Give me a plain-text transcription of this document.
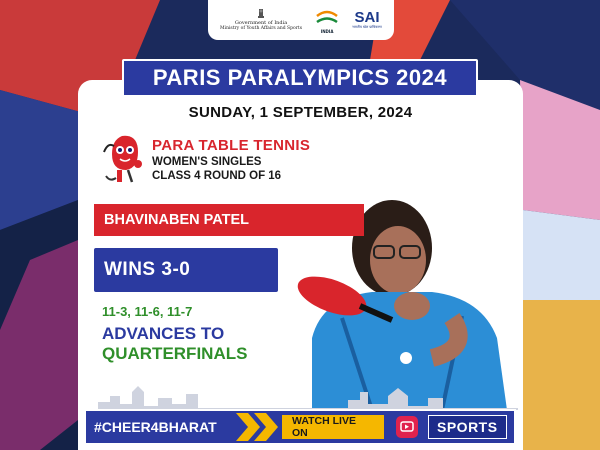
Government of India
Ministry of Youth Affairs and Sports	INDIA
SAI
भारतीय खेल प्राधिकरण
PARIS PARALYMPICS 2024
SUNDAY, 1 SEPTEMBER, 2024
PARA TABLE TENNIS
WOMEN'S SINGLES
CLASS 4 ROUND OF 16
BHAVINABEN PATEL
WINS 3-0
11-3, 11-6, 11-7
ADVANCES TO
QUARTERFINALS
#CHEER4BHARAT	WATCH LIVE ON	SPORTS
